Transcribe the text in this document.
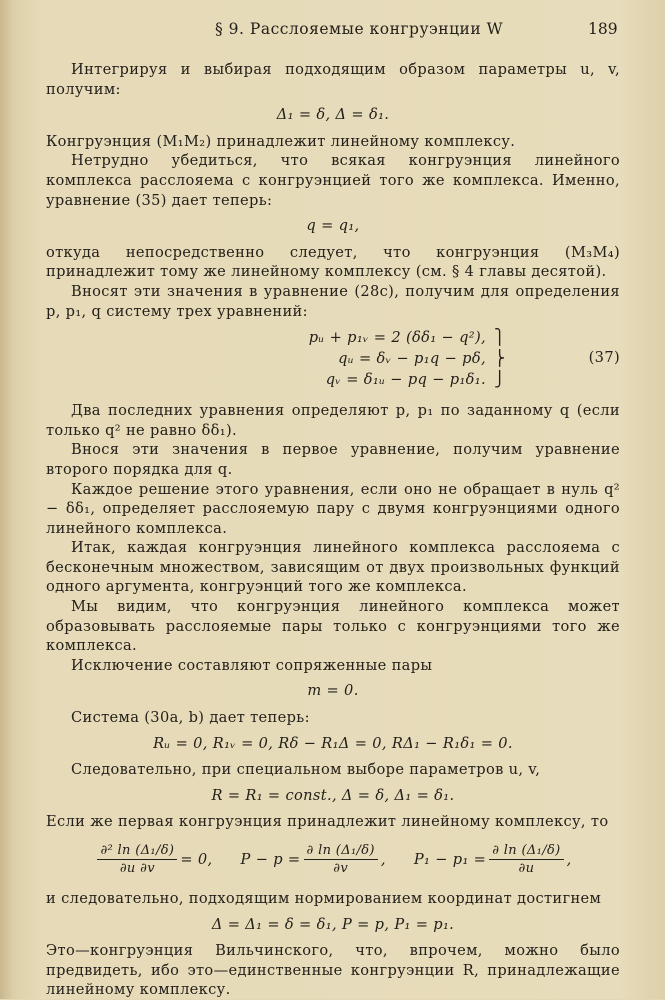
§ 9. Расслояемые конгруэнции W	189

Интегрируя и выбирая подходящим образом параметры u, v, получим:

Δ₁ = δ, Δ = δ₁.

Конгруэнция (M₁M₂) принадлежит линейному комплексу.

Нетрудно убедиться, что всякая конгруэнция линейного комплекса расслояема с конгруэнцией того же комплекса. Именно, уравнение (35) дает теперь:

q = q₁,

откуда непосредственно следует, что конгруэнция (M₃M₄) принадлежит тому же линейному комплексу (см. § 4 главы десятой).

Вносят эти значения в уравнение (28c), получим для определения p, p₁, q систему трех уравнений:

pᵤ + p₁ᵥ = 2 (δδ₁ − q²),
qᵤ = δᵥ − p₁q − pδ,
qᵥ = δ₁ᵤ − pq − p₁δ₁.
⎫
⎬
⎭
(37)

Два последних уравнения определяют p, p₁ по заданному q (если только q² не равно δδ₁).

Внося эти значения в первое уравнение, получим уравнение второго порядка для q.

Каждое решение этого уравнения, если оно не обращает в нуль q² − δδ₁, определяет расслояемую пару с двумя конгруэнциями одного линейного комплекса.

Итак, каждая конгруэнция линейного комплекса расслояема с бесконечным множеством, зависящим от двух произвольных функций одного аргумента, конгруэнций того же комплекса.

Мы видим, что конгруэнция линейного комплекса может образовывать расслояемые пары только с конгруэнциями того же комплекса.

Исключение составляют сопряженные пары

m = 0.

Система (30a, b) дает теперь:

Rᵤ = 0, R₁ᵥ = 0, Rδ − R₁Δ = 0, RΔ₁ − R₁δ₁ = 0.

Следовательно, при специальном выборе параметров u, v,

R = R₁ = const., Δ = δ, Δ₁ = δ₁.

Если же первая конгруэнция принадлежит линейному комплексу, то

$\frac{\text{∂² ln (Δ₁/δ)}}{\partial u \partial v} = 0$, $P - p = \frac{\text{∂ ln (Δ₁/δ)}}{\partial v}$ , $P_1 - p_1 = \frac{\text{∂ ln (Δ₁/δ)}}{\partial u}$ ,

и следовательно, подходящим нормированием координат достигнем

Δ = Δ₁ = δ = δ₁, P = p, P₁ = p₁.

Это—конгруэнция Вильчинского, что, впрочем, можно было предвидеть, ибо это—единственные конгруэнции R, принадлежащие линейному комплексу.
